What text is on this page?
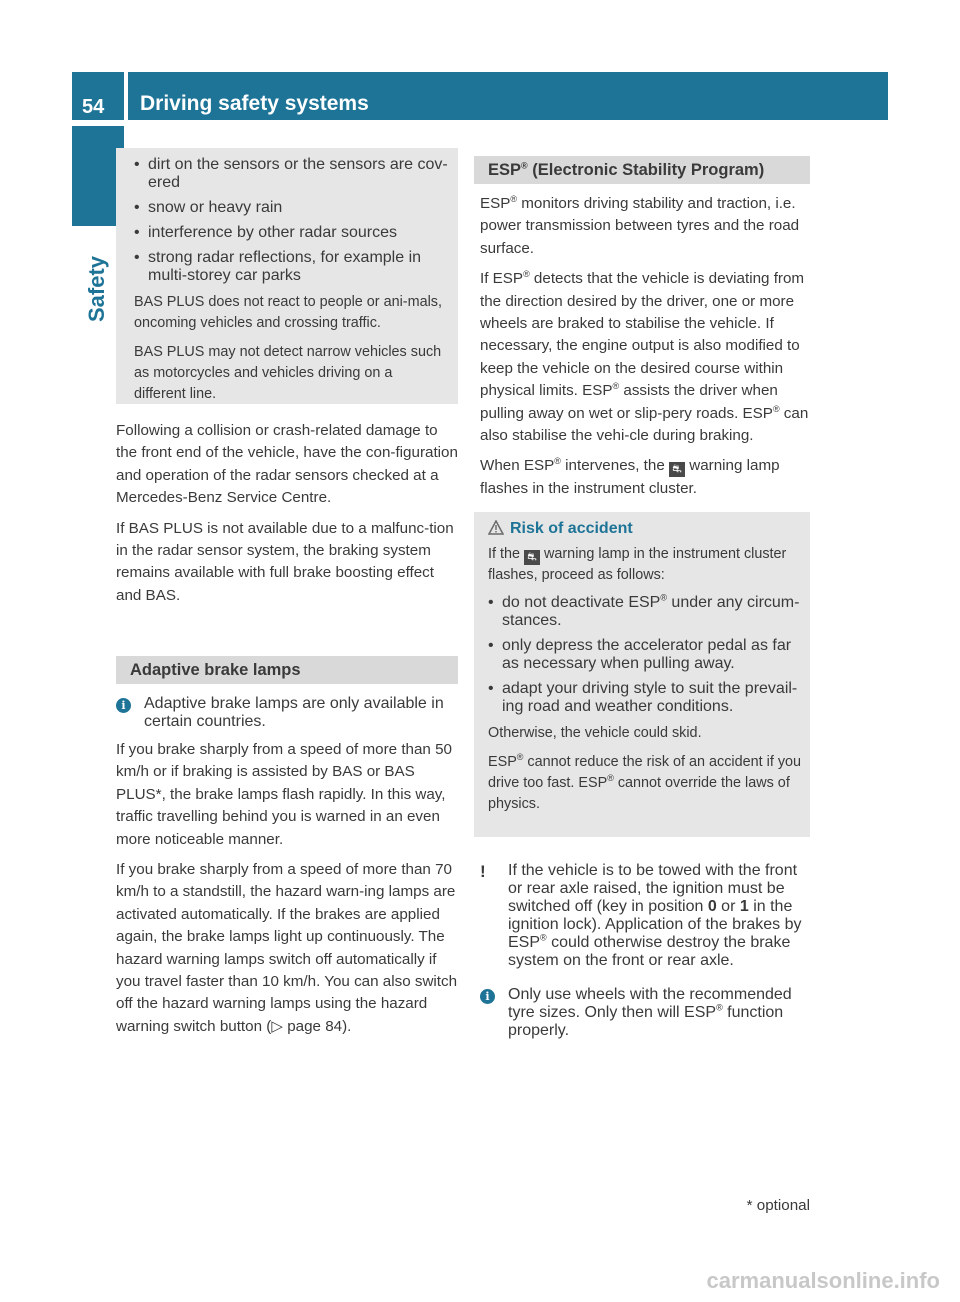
54	Driving safety systems
Safety
• dirt on the sensors or the sensors are cov-ered
• snow or heavy rain
• interference by other radar sources
• strong radar reflections, for example in multi-storey car parks

BAS PLUS does not react to people or ani-mals, oncoming vehicles and crossing traffic.

BAS PLUS may not detect narrow vehicles such as motorcycles and vehicles driving on a different line.

Following a collision or crash-related damage to the front end of the vehicle, have the con-figuration and operation of the radar sensors checked at a Mercedes-Benz Service Centre.

If BAS PLUS is not available due to a malfunc-tion in the radar sensor system, the braking system remains available with full brake boosting effect and BAS.

Adaptive brake lamps
i	Adaptive brake lamps are only available in certain countries.

If you brake sharply from a speed of more than 50 km/h or if braking is assisted by BAS or BAS PLUS*, the brake lamps flash rapidly. In this way, traffic travelling behind you is warned in an even more noticeable manner.

If you brake sharply from a speed of more than 70 km/h to a standstill, the hazard warn-ing lamps are activated automatically. If the brakes are applied again, the brake lamps light up continuously. The hazard warning lamps switch off automatically if you travel faster than 10 km/h. You can also switch off the hazard warning lamps using the hazard warning switch button (▷ page 84).

ESP® (Electronic Stability Program)

ESP® monitors driving stability and traction, i.e. power transmission between tyres and the road surface.

If ESP® detects that the vehicle is deviating from the direction desired by the driver, one or more wheels are braked to stabilise the vehicle. If necessary, the engine output is also modified to keep the vehicle on the desired course within physical limits. ESP® assists the driver when pulling away on wet or slip-pery roads. ESP® can also stabilise the vehi-cle during braking.

When ESP® intervenes, the ⛐ warning lamp flashes in the instrument cluster.

Risk of accident

If the ⛐ warning lamp in the instrument cluster flashes, proceed as follows:

• do not deactivate ESP® under any circum-stances.
• only depress the accelerator pedal as far as necessary when pulling away.
• adapt your driving style to suit the prevail-ing road and weather conditions.

Otherwise, the vehicle could skid.

ESP® cannot reduce the risk of an accident if you drive too fast. ESP® cannot override the laws of physics.

! If the vehicle is to be towed with the front or rear axle raised, the ignition must be switched off (key in position 0 or 1 in the ignition lock). Application of the brakes by ESP® could otherwise destroy the brake system on the front or rear axle.
i	Only use wheels with the recommended tyre sizes. Only then will ESP® function properly.
* optional
carmanualsonline.info
